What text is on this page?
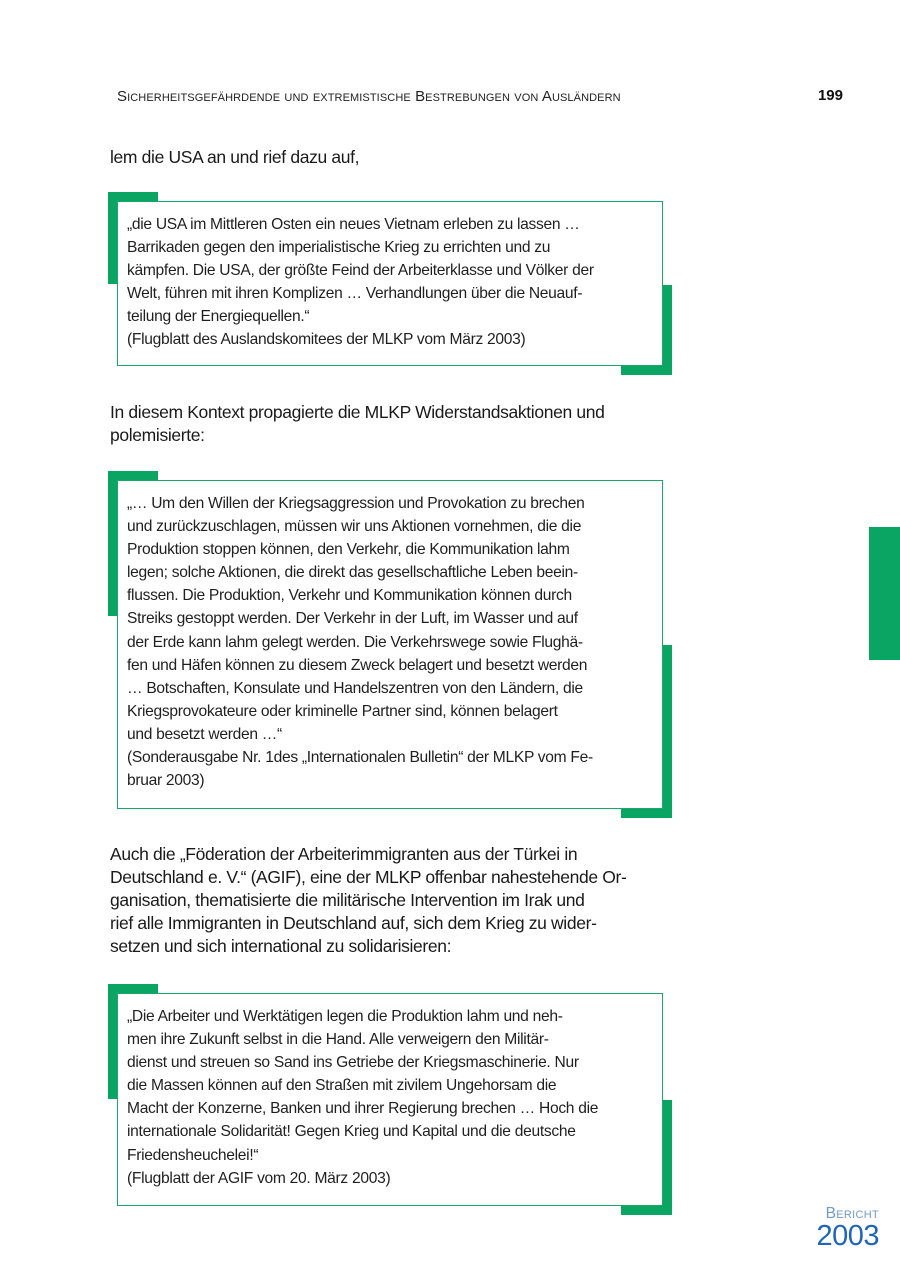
Sicherheitsgefährdende und extremistische Bestrebungen von Ausländern	199

lem die USA an und rief dazu auf,

„die USA im Mittleren Osten ein neues Vietnam erleben zu lassen …
Barrikaden gegen den imperialistische Krieg zu errichten und zu
kämpfen. Die USA, der größte Feind der Arbeiterklasse und Völker der
Welt, führen mit ihren Komplizen … Verhandlungen über die Neuauf-
teilung der Energiequellen.“
(Flugblatt des Auslandskomitees der MLKP vom März 2003)

In diesem Kontext propagierte die MLKP Widerstandsaktionen und
polemisierte:

„… Um den Willen der Kriegsaggression und Provokation zu brechen
und zurückzuschlagen, müssen wir uns Aktionen vornehmen, die die
Produktion stoppen können, den Verkehr, die Kommunikation lahm
legen; solche Aktionen, die direkt das gesellschaftliche Leben beein-
flussen. Die Produktion, Verkehr und Kommunikation können durch
Streiks gestoppt werden. Der Verkehr in der Luft, im Wasser und auf
der Erde kann lahm gelegt werden. Die Verkehrswege sowie Flughä-
fen und Häfen können zu diesem Zweck belagert und besetzt werden
… Botschaften, Konsulate und Handelszentren von den Ländern, die
Kriegsprovokateure oder kriminelle Partner sind, können belagert
und besetzt werden …“
(Sonderausgabe Nr. 1des „Internationalen Bulletin“ der MLKP vom Fe-
bruar 2003)

Auch die „Föderation der Arbeiterimmigranten aus der Türkei in
Deutschland e. V.“ (AGIF), eine der MLKP offenbar nahestehende Or-
ganisation, thematisierte die militärische Intervention im Irak und
rief alle Immigranten in Deutschland auf, sich dem Krieg zu wider-
setzen und sich international zu solidarisieren:

„Die Arbeiter und Werktätigen legen die Produktion lahm und neh-
men ihre Zukunft selbst in die Hand. Alle verweigern den Militär-
dienst und streuen so Sand ins Getriebe der Kriegsmaschinerie. Nur
die Massen können auf den Straßen mit zivilem Ungehorsam die
Macht der Konzerne, Banken und ihrer Regierung brechen … Hoch die
internationale Solidarität! Gegen Krieg und Kapital und die deutsche
Friedensheuchelei!“
(Flugblatt der AGIF vom 20. März 2003)

Bericht
2003
